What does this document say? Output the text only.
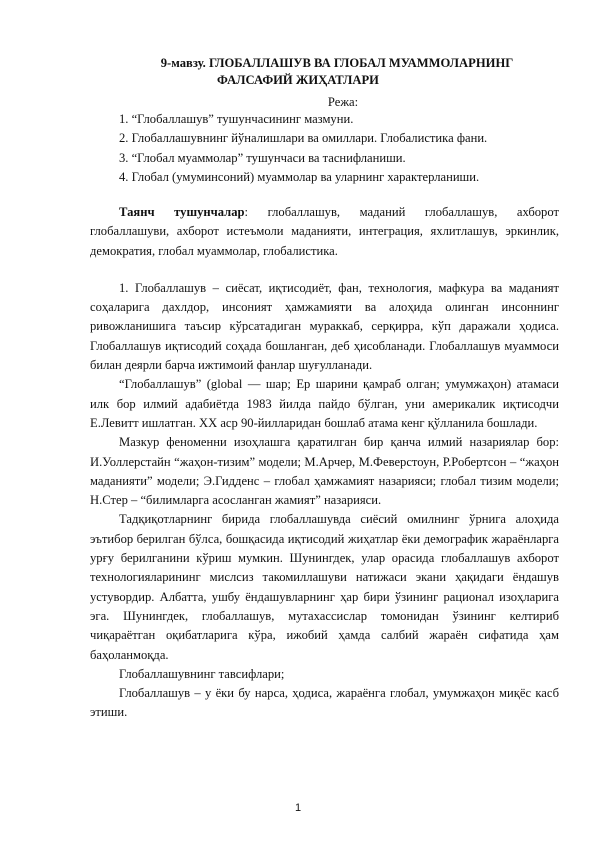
9-мавзу. ГЛОБАЛЛАШУВ ВА ГЛОБАЛ МУАММОЛАРНИНГ
ФАЛСАФИЙ ЖИҲАТЛАРИ
Режа:
1. “Глобаллашув” тушунчасининг мазмуни.
2. Глобаллашувнинг йўналишлари ва омиллари. Глобалистика фани.
3. “Глобал муаммолар” тушунчаси ва таснифланиши.
4. Глобал (умуминсоний) муаммолар ва уларнинг характерланиши.

Таянч тушунчалар: глобаллашув, маданий глобаллашув, ахборот глобаллашуви, ахборот истеъмоли маданияти, интеграция, яхлитлашув, эркинлик, демократия, глобал муаммолар, глобалистика.

1. Глобаллашув – сиёсат, иқтисодиёт, фан, технология, мафкура ва маданият соҳаларига дахлдор, инсоният ҳамжамияти ва алоҳида олинган инсоннинг ривожланишига таъсир кўрсатадиган мураккаб, серқирра, кўп даражали ҳодиса. Глобаллашув иқтисодий соҳада бошланган, деб ҳисобланади. Глобаллашув муаммоси билан деярли барча ижтимоий фанлар шуғулланади.

“Глобаллашув” (global — шар; Ер шарини қамраб олган; умумжаҳон) атамаси илк бор илмий адабиётда 1983 йилда пайдо бўлган, уни америкалик иқтисодчи Е.Левитт ишлатган. XX аср 90-йилларидан бошлаб атама кенг қўлланила бошлади.

Мазкур феноменни изоҳлашга қаратилган бир қанча илмий назариялар бор: И.Уоллерстайн “жаҳон-тизим” модели; М.Арчер, М.Феверстоун, Р.Робертсон – “жаҳон маданияти” модели; Э.Гидденс – глобал ҳамжамият назарияси; глобал тизим модели; Н.Стер – “билимларга асосланган жамият” назарияси.

Тадқиқотларнинг бирида глобаллашувда сиёсий омилнинг ўрнига алоҳида эътибор берилган бўлса, бошқасида иқтисодий жиҳатлар ёки демографик жараёнларга урғу берилганини кўриш мумкин. Шунингдек, улар орасида глобаллашув ахборот технологияларининг мислсиз такомиллашуви натижаси экани ҳақидаги ёндашув устувордир. Албатта, ушбу ёндашувларнинг ҳар бири ўзининг рационал изоҳларига эга. Шунингдек, глобаллашув, мутахассислар томонидан ўзининг келтириб чиқараётган оқибатларига кўра, ижобий ҳамда салбий жараён сифатида ҳам баҳоланмоқда.

Глобаллашувнинг тавсифлари;

Глобаллашув – у ёки бу нарса, ҳодиса, жараёнга глобал, умумжаҳон миқёс касб этиши.

1
